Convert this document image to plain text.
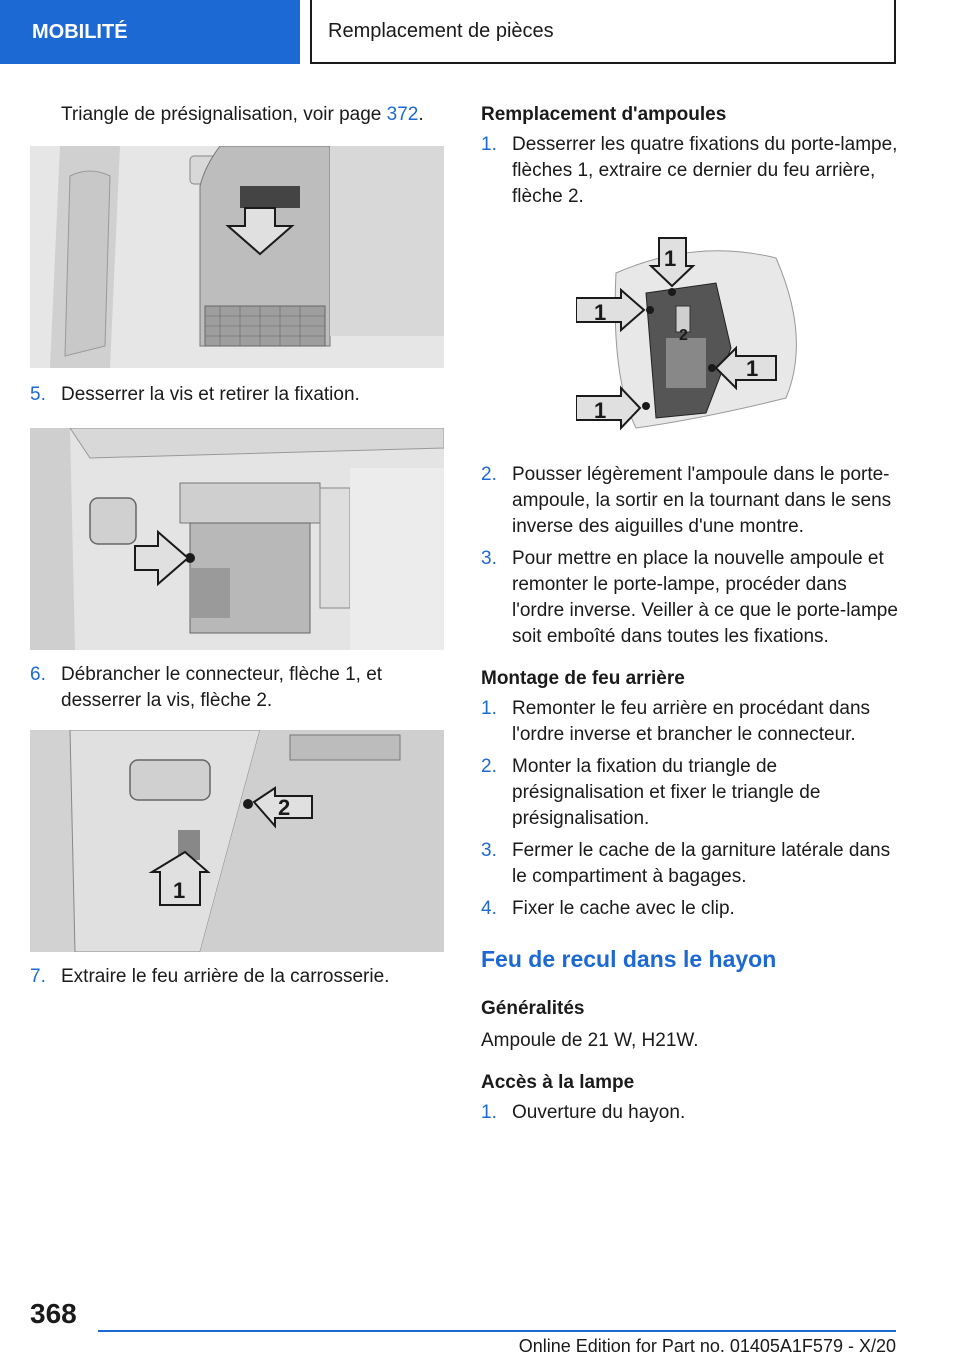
MOBILITÉ	Remplacement de pièces

Triangle de présignalisation, voir page 372.

5. Desserrer la vis et retirer la fixation.
6. Débrancher le connecteur, flèche 1, et desserrer la vis, flèche 2.
2
1
7. Extraire le feu arrière de la carrosserie.
Remplacement d'ampoules
1. Desserrer les quatre fixations du porte-lampe, flèches 1, extraire ce dernier du feu arrière, flèche 2.
1
1
2
1
1
2. Pousser légèrement l'ampoule dans le porte-ampoule, la sortir en la tournant dans le sens inverse des aiguilles d'une montre.
3. Pour mettre en place la nouvelle ampoule et remonter le porte-lampe, procéder dans l'ordre inverse. Veiller à ce que le porte-lampe soit emboîté dans toutes les fixations.
Montage de feu arrière
1. Remonter le feu arrière en procédant dans l'ordre inverse et brancher le connecteur.
2. Monter la fixation du triangle de présignalisation et fixer le triangle de présignalisation.
3. Fermer le cache de la garniture latérale dans le compartiment à bagages.
4. Fixer le cache avec le clip.
Feu de recul dans le hayon
Généralités

Ampoule de 21 W, H21W.

Accès à la lampe
1. Ouverture du hayon.
368
Online Edition for Part no. 01405A1F579 - X/20
